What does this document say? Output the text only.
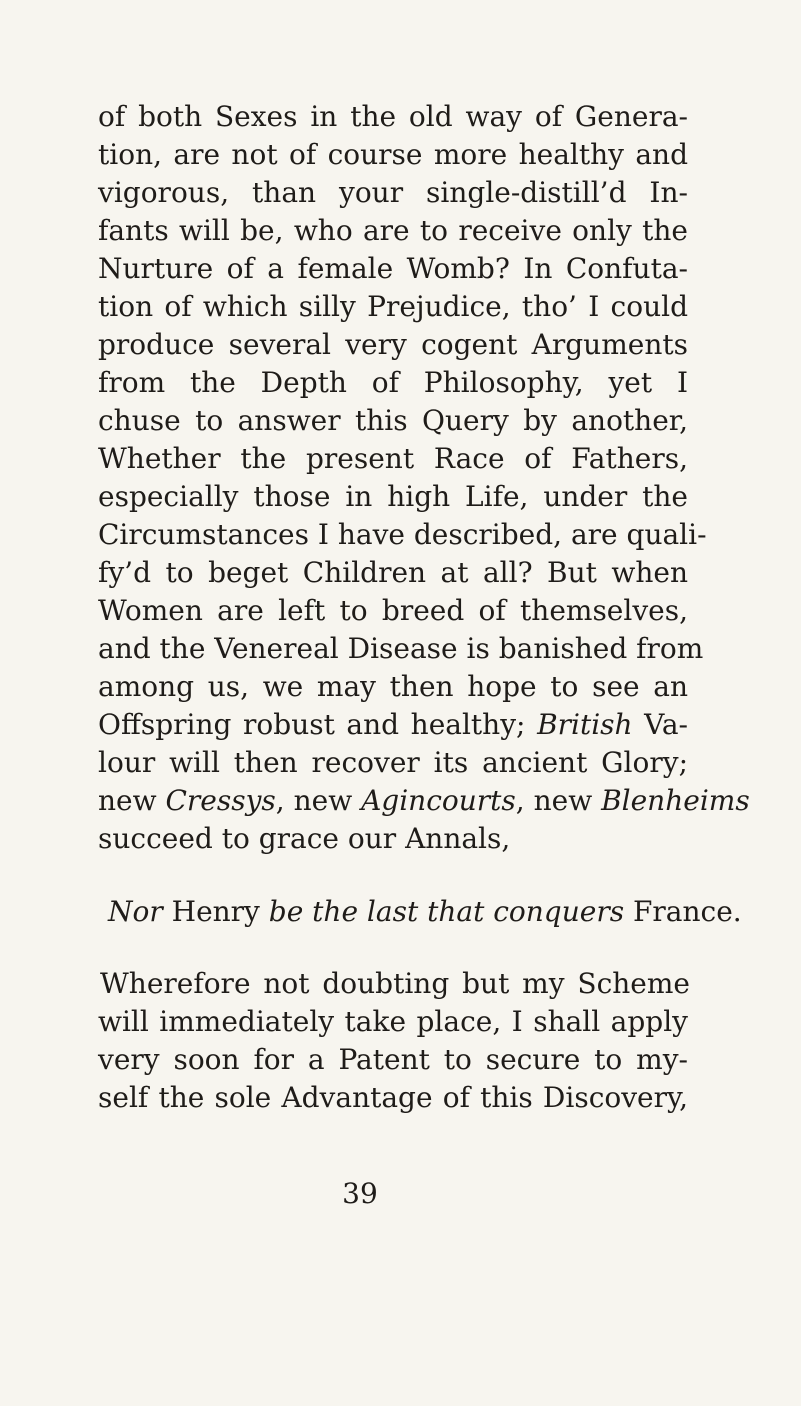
of both Sexes in the old way of Genera-

tion, are not of course more healthy and

vigorous, than your single-distill’d In-

fants will be, who are to receive only the

Nurture of a female Womb? In Confuta-

tion of which silly Prejudice, tho’ I could

produce several very cogent Arguments

from the Depth of Philosophy, yet I

chuse to answer this Query by another,

Whether the present Race of Fathers,

especially those in high Life, under the

Circumstances I have described, are quali-

fy’d to beget Children at all? But when

Women are left to breed of themselves,

and the Venereal Disease is banished from

among us, we may then hope to see an

Offspring robust and healthy; British Va-

lour will then recover its ancient Glory;

new Cressys, new Agincourts, new Blenheims

succeed to grace our Annals,

Nor Henry be the last that conquers France.

Wherefore not doubting but my Scheme

will immediately take place, I shall apply

very soon for a Patent to secure to my-

self the sole Advantage of this Discovery,

39
